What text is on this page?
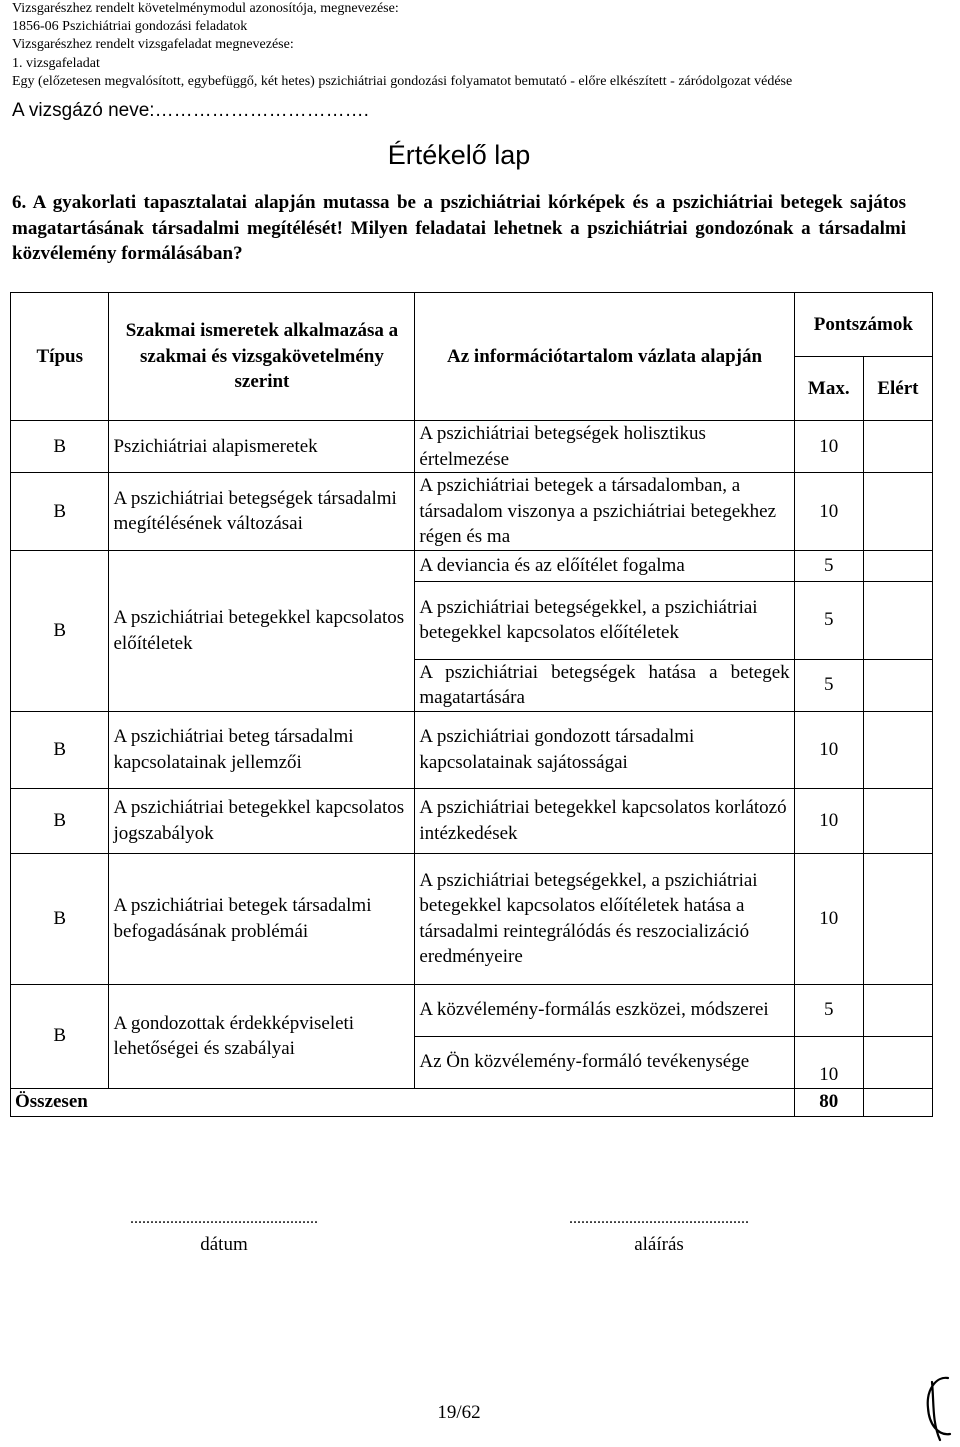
Vizsgarészhez rendelt követelménymodul azonosítója, megnevezése:
1856-06 Pszichiátriai gondozási feladatok
Vizsgarészhez rendelt vizsgafeladat megnevezése:
1. vizsgafeladat
Egy (előzetesen megvalósított, egybefüggő, két hetes) pszichiátriai gondozási folyamatot bemutató - előre elkészített - záródolgozat védése
A vizsgázó neve:…………………………….
Értékelő lap
6. A gyakorlati tapasztalatai alapján mutassa be a pszichiátriai kórképek és a pszichiátriai betegek sajátos magatartásának társadalmi megítélését! Milyen feladatai lehetnek a pszichiátriai gondozónak a társadalmi közvélemény formálásában?
Típus	Szakmai ismeretek alkalmazása a szakmai és vizsgakövetelmény szerint	Az információtartalom vázlata alapján	Pontszámok	
			Max.	Elért
B	Pszichiátriai alapismeretek	A pszichiátriai betegségek holisztikus értelmezése	10	
B	A pszichiátriai betegségek társadalmi megítélésének változásai	A pszichiátriai betegek a társadalomban, a társadalom viszonya a pszichiátriai betegekhez régen és ma	10	
B	A pszichiátriai betegekkel kapcsolatos előítéletek	A deviancia és az előítélet fogalma	5	
		A pszichiátriai betegségekkel, a pszichiátriai betegekkel kapcsolatos előítéletek	5	
		A pszichiátriai betegségek hatása a betegek magatartására	5	
B	A pszichiátriai beteg társadalmi kapcsolatainak jellemzői	A pszichiátriai gondozott társadalmi kapcsolatainak sajátosságai	10	
B	A pszichiátriai betegekkel kapcsolatos jogszabályok	A pszichiátriai betegekkel kapcsolatos korlátozó intézkedések	10	
B	A pszichiátriai betegek társadalmi befogadásának problémái	A pszichiátriai betegségekkel, a pszichiátriai betegekkel kapcsolatos előítéletek hatása a társadalmi reintegrálódás és reszocializáció eredményeire	10	
B	A gondozottak érdekképviseleti lehetőségei és szabályai	A közvélemény-formálás eszközei, módszerei	5	
		Az Ön közvélemény-formáló tevékenysége	10	
Összesen			80	
...............................................
dátum
.............................................
aláírás
19/62
